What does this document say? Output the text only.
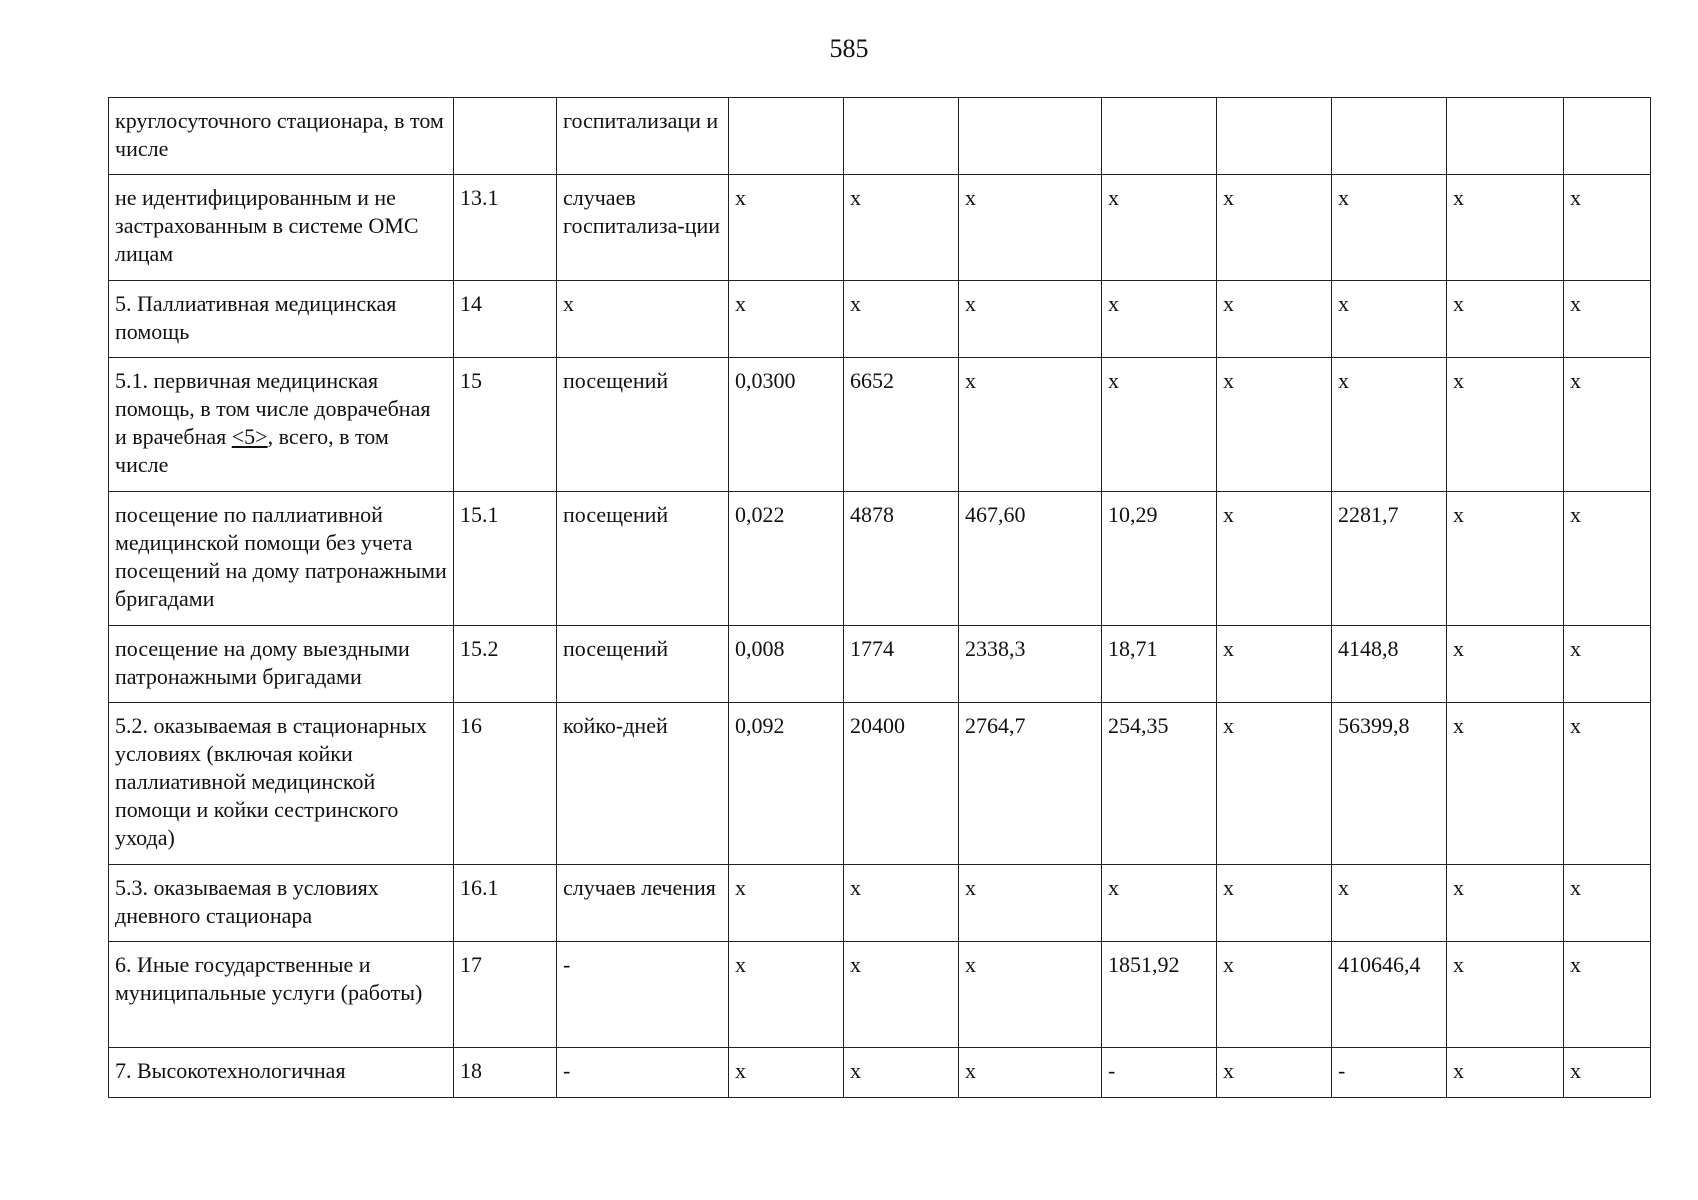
585
круглосуточного стационара, в том числе		госпитализаци и								
не идентифицированным и не застрахованным в системе ОМС лицам	13.1	случаев госпитализа-ции	х	х	х	х	х	х	х	х
5. Паллиативная медицинская помощь	14	х	х	х	х	х	х	х	х	х
5.1. первичная медицинская помощь, в том числе доврачебная и врачебная <5>, всего, в том числе	15	посещений	0,0300	6652	х	х	х	х	х	х
посещение по паллиативной медицинской помощи без учета посещений на дому патронажными бригадами	15.1	посещений	0,022	4878	467,60	10,29	х	2281,7	х	х
посещение на дому выездными патронажными бригадами	15.2	посещений	0,008	1774	2338,3	18,71	х	4148,8	х	х
5.2. оказываемая в стационарных условиях (включая койки паллиативной медицинской помощи и койки сестринского ухода)	16	койко-дней	0,092	20400	2764,7	254,35	х	56399,8	х	х
5.3. оказываемая в условиях дневного стационара	16.1	случаев лечения	х	х	х	х	х	х	х	х
6. Иные государственные и муниципальные услуги (работы)	17	-	х	х	х	1851,92	х	410646,4	х	х
7. Высокотехнологичная	18	-	х	х	х	-	х	-	х	х
